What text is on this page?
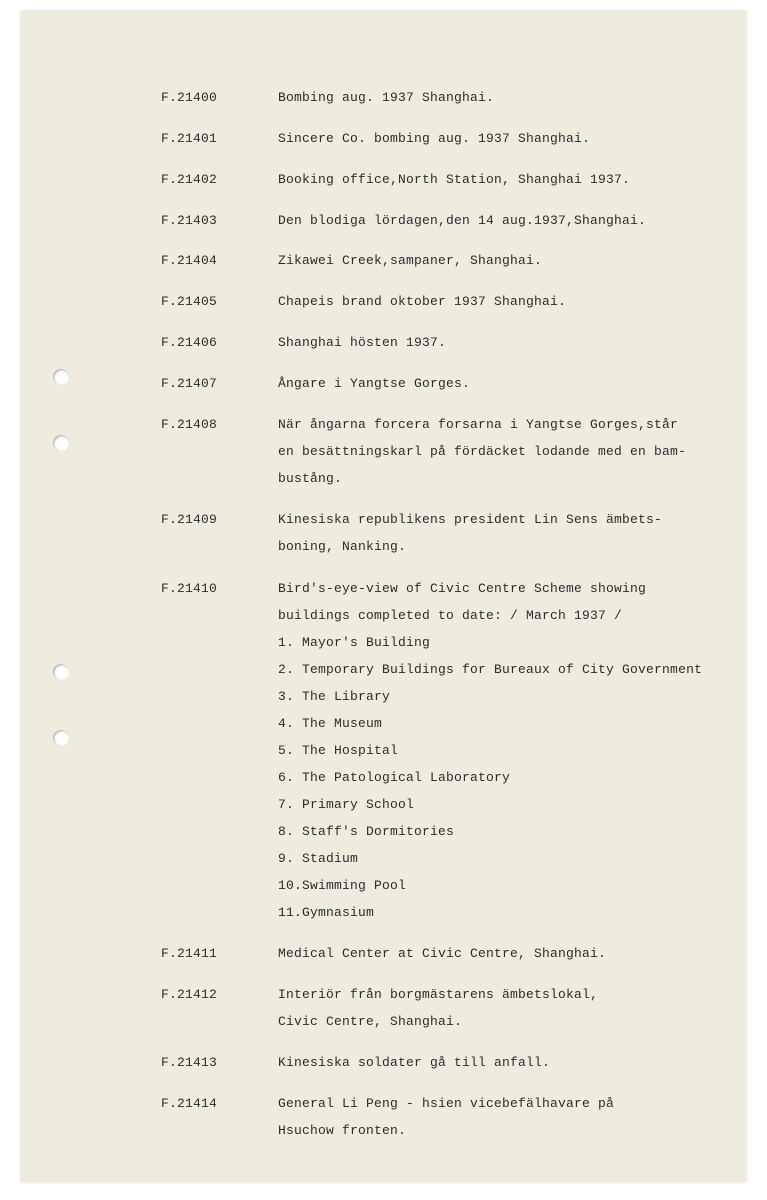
F.21400	Bombing aug. 1937 Shanghai.
F.21401	Sincere Co. bombing aug. 1937 Shanghai.
F.21402	Booking office,North Station, Shanghai 1937.
F.21403	Den blodiga lördagen,den 14 aug.1937,Shanghai.
F.21404	Zikawei Creek,sampaner, Shanghai.
F.21405	Chapeis brand oktober 1937 Shanghai.
F.21406	Shanghai hösten 1937.
F.21407	Ångare i Yangtse Gorges.
F.21408	När ångarna forcera forsarna i Yangtse Gorges,står
en besättningskarl på fördäcket lodande med en bam-
bustång.
F.21409	Kinesiska republikens president Lin Sens ämbets-
boning, Nanking.
F.21410	Bird's-eye-view of Civic Centre Scheme showing
buildings completed to date: / March 1937 /
1. Mayor's Building
2. Temporary Buildings for Bureaux of City Government
3. The Library
4. The Museum
5. The Hospital
6. The Patological Laboratory
7. Primary School
8. Staff's Dormitories
9. Stadium
10.Swimming Pool
11.Gymnasium
F.21411	Medical Center at Civic Centre, Shanghai.
F.21412	Interiör från borgmästarens ämbetslokal,
Civic Centre, Shanghai.
F.21413	Kinesiska soldater gå till anfall.
F.21414	General Li Peng - hsien vicebefälhavare på
Hsuchow fronten.
